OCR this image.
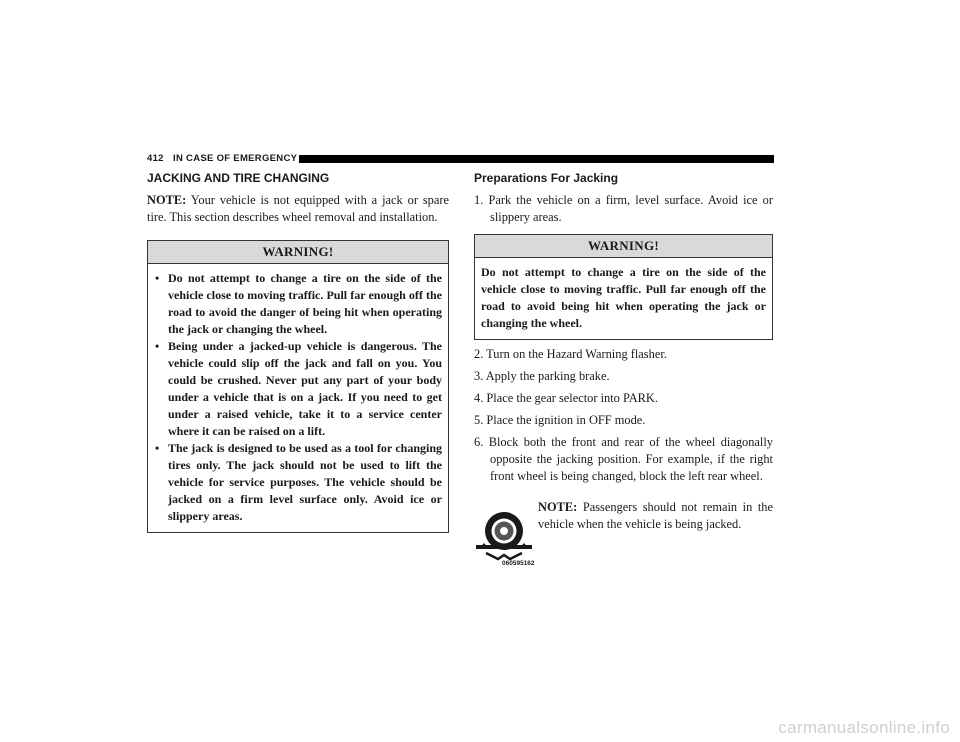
412 IN CASE OF EMERGENCY
JACKING AND TIRE CHANGING

NOTE: Your vehicle is not equipped with a jack or spare tire. This section describes wheel removal and installation.

WARNING!
• Do not attempt to change a tire on the side of the vehicle close to moving traffic. Pull far enough off the road to avoid the danger of being hit when operating the jack or changing the wheel.
• Being under a jacked-up vehicle is dangerous. The vehicle could slip off the jack and fall on you. You could be crushed. Never put any part of your body under a vehicle that is on a jack. If you need to get under a raised vehicle, take it to a service center where it can be raised on a lift.
• The jack is designed to be used as a tool for changing tires only. The jack should not be used to lift the vehicle for service purposes. The vehicle should be jacked on a firm level surface only. Avoid ice or slippery areas.
Preparations For Jacking
1. Park the vehicle on a firm, level surface. Avoid ice or slippery areas.
WARNING!

Do not attempt to change a tire on the side of the vehicle close to moving traffic. Pull far enough off the road to avoid being hit when operating the jack or changing the wheel.

2. Turn on the Hazard Warning flasher.
3. Apply the parking brake.
4. Place the gear selector into PARK.
5. Place the ignition in OFF mode.
6. Block both the front and rear of the wheel diagonally opposite the jacking position. For example, if the right front wheel is being changed, block the left rear wheel.
060595162

NOTE: Passengers should not remain in the vehicle when the vehicle is being jacked.

carmanualsonline.info
